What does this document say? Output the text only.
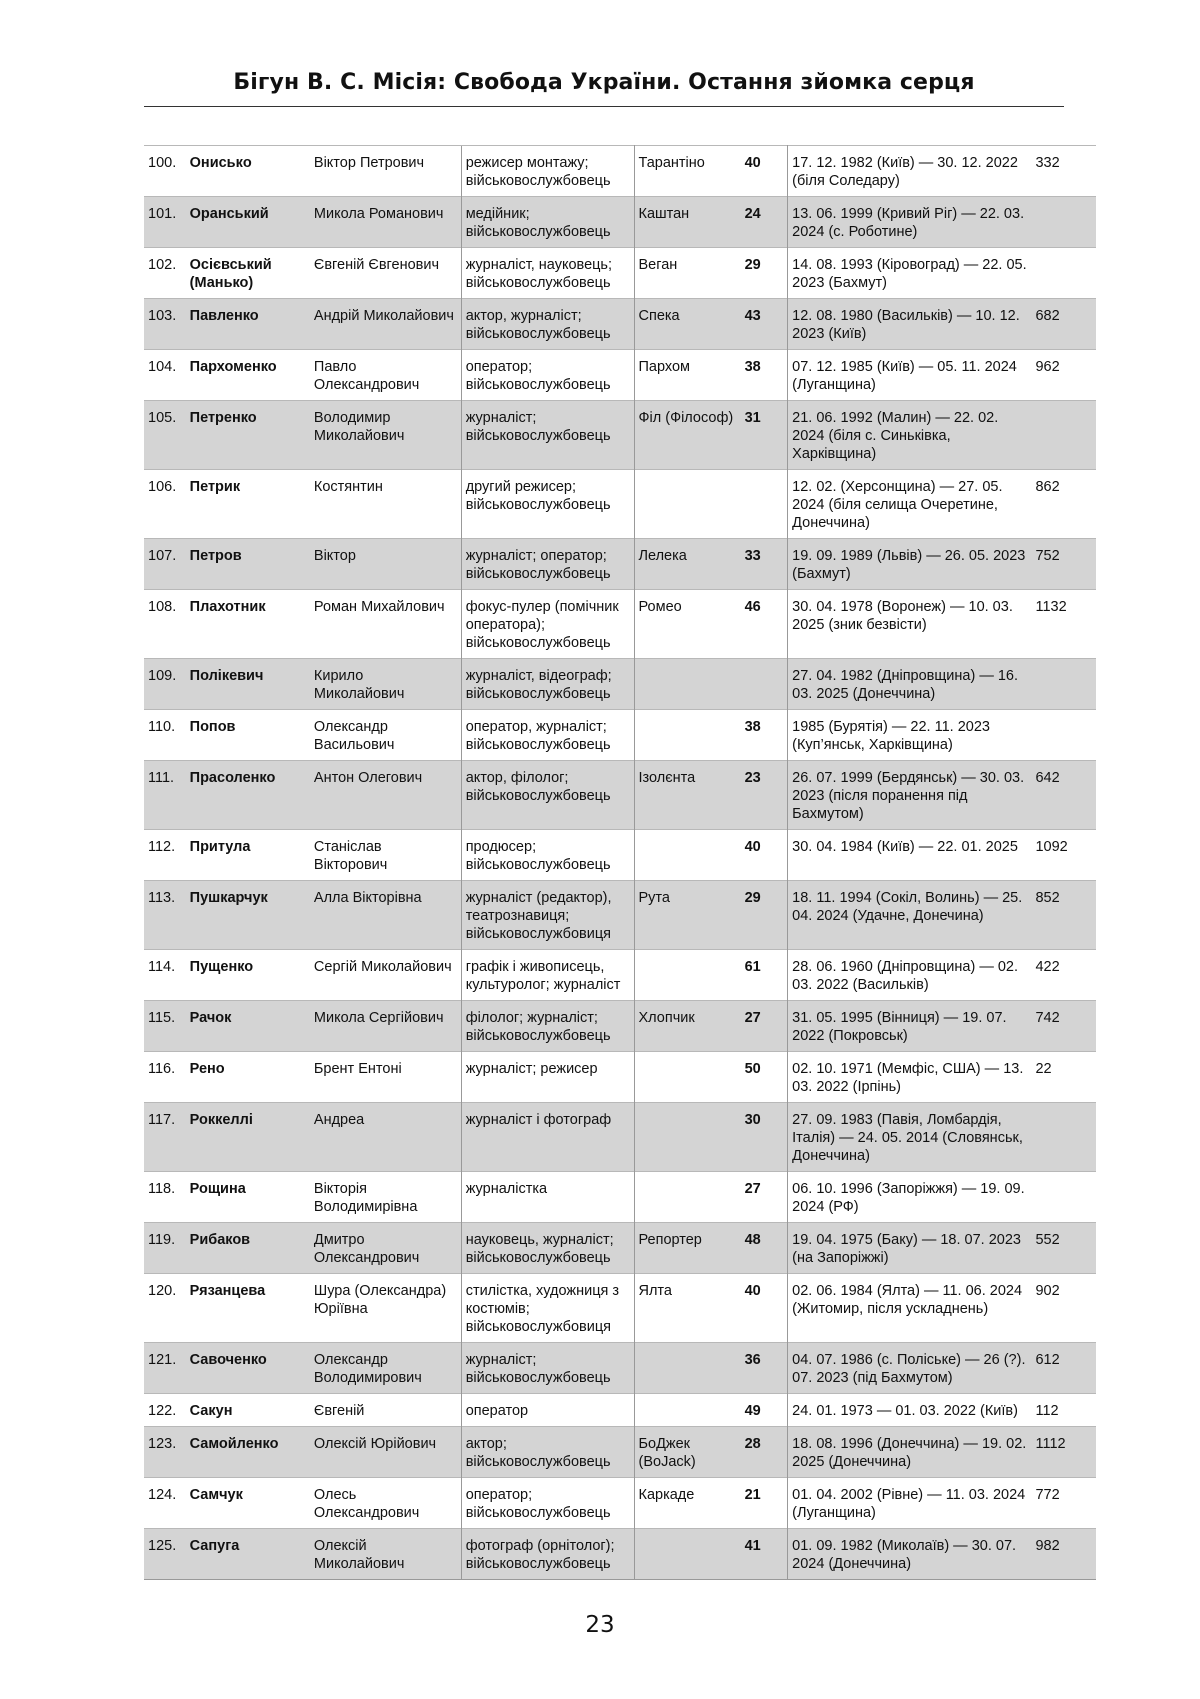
Бігун В. С. Місія: Свобода України. Остання зйомка серця
100.	Ониськo	Віктор Петрович	режисер монтажу; військовослужбовець	Тарантіно	40	17. 12. 1982 (Київ) — 30. 12. 2022 (біля Соледару)	332
101.	Оранський	Микола Романович	медійник; військовослужбовець	Каштан	24	13. 06. 1999 (Кривий Ріг) — 22. 03. 2024 (с. Роботине)	
102.	Осієвський (Манько)	Євгеній Євгенович	журналіст, науковець; військовослужбовець	Веган	29	14. 08. 1993 (Кіровоград) — 22. 05. 2023 (Бахмут)	
103.	Павленко	Андрій Миколайович	актор, журналіст; військовослужбовець	Спека	43	12. 08. 1980 (Васильків) — 10. 12. 2023 (Київ)	682
104.	Пархоменко	Павло Олександрович	оператор; військовослужбовець	Пархом	38	07. 12. 1985 (Київ) — 05. 11. 2024 (Луганщина)	962
105.	Петренко	Володимир Миколайович	журналіст; військовослужбовець	Філ (Філософ)	31	21. 06. 1992 (Малин) — 22. 02. 2024 (біля с. Синьківка, Харківщина)	
106.	Петрик	Костянтин	другий режисер; військовослужбовець			12. 02. (Херсонщина) — 27. 05. 2024 (біля селища Очеретине, Донеччина)	862
107.	Петров	Віктор	журналіст; оператор; військовослужбовець	Лелека	33	19. 09. 1989 (Львів) — 26. 05. 2023 (Бахмут)	752
108.	Плахотник	Роман Михайлович	фокус-пулер (помічник оператора); військовослужбовець	Ромео	46	30. 04. 1978 (Воронеж) — 10. 03. 2025 (зник безвісти)	1132
109.	Полікевич	Кирило Миколайович	журналіст, відеограф; військовослужбовець			27. 04. 1982 (Дніпровщина) — 16. 03. 2025 (Донеччина)	
110.	Попов	Олександр Васильович	оператор, журналіст; військовослужбовець		38	1985 (Бурятія) — 22. 11. 2023 (Куп’янськ, Харківщина)	
111.	Прасоленко	Антон Олегович	актор, філолог; військовослужбовець	Ізолєнта	23	26. 07. 1999 (Бердянськ) — 30. 03. 2023 (після поранення під Бахмутом)	642
112.	Притула	Станіслав Вікторович	продюсер; військовослужбовець		40	30. 04. 1984 (Київ) — 22. 01. 2025	1092
113.	Пушкарчук	Алла Вікторівна	журналіст (редактор), театрознавиця; військовослужбовиця	Рута	29	18. 11. 1994 (Сокіл, Волинь) — 25. 04. 2024 (Удачне, Донечина)	852
114.	Пущенко	Сергій Миколайович	графік і живописець, культуролог; журналіст		61	28. 06. 1960 (Дніпровщина) — 02. 03. 2022 (Васильків)	422
115.	Рачок	Микола Сергійович	філолог; журналіст; військовослужбовець	Хлопчик	27	31. 05. 1995 (Вінниця) — 19. 07. 2022 (Покровськ)	742
116.	Рено	Брент Ентоні	журналіст; режисер		50	02. 10. 1971 (Мемфіс, США) — 13. 03. 2022 (Ірпінь)	22
117.	Роккеллі	Андреа	журналіст і фотограф		30	27. 09. 1983 (Павія, Ломбардія, Італія) — 24. 05. 2014 (Словянськ, Донеччина)	
118.	Рощина	Вікторія Володимирівна	журналістка		27	06. 10. 1996 (Запоріжжя) — 19. 09. 2024 (РФ)	
119.	Рибаков	Дмитро Олександрович	науковець, журналіст; військовослужбовець	Репортер	48	19. 04. 1975 (Баку) — 18. 07. 2023 (на Запоріжжі)	552
120.	Рязанцева	Шура (Олександра) Юріївна	стилістка, художниця з костюмів; військовослужбовиця	Ялта	40	02. 06. 1984 (Ялта) — 11. 06. 2024 (Житомир, після ускладнень)	902
121.	Савоченко	Олександр Володимирович	журналіст; військовослужбовець		36	04. 07. 1986 (с. Поліське) — 26 (?). 07. 2023 (під Бахмутом)	612
122.	Сакун	Євгеній	оператор		49	24. 01. 1973 — 01. 03. 2022 (Київ)	112
123.	Самойленко	Олексій Юрійович	актор; військовослужбовець	БоДжек (BoJack)	28	18. 08. 1996 (Донеччина) — 19. 02. 2025 (Донеччина)	1112
124.	Самчук	Олесь Олександрович	оператор; військовослужбовець	Каркаде	21	01. 04. 2002 (Рівне) — 11. 03. 2024 (Луганщина)	772
125.	Сапуга	Олексій Миколайович	фотограф (орнітолог); військовослужбовець		41	01. 09. 1982 (Миколаїв) — 30. 07. 2024 (Донеччина)	982
23
